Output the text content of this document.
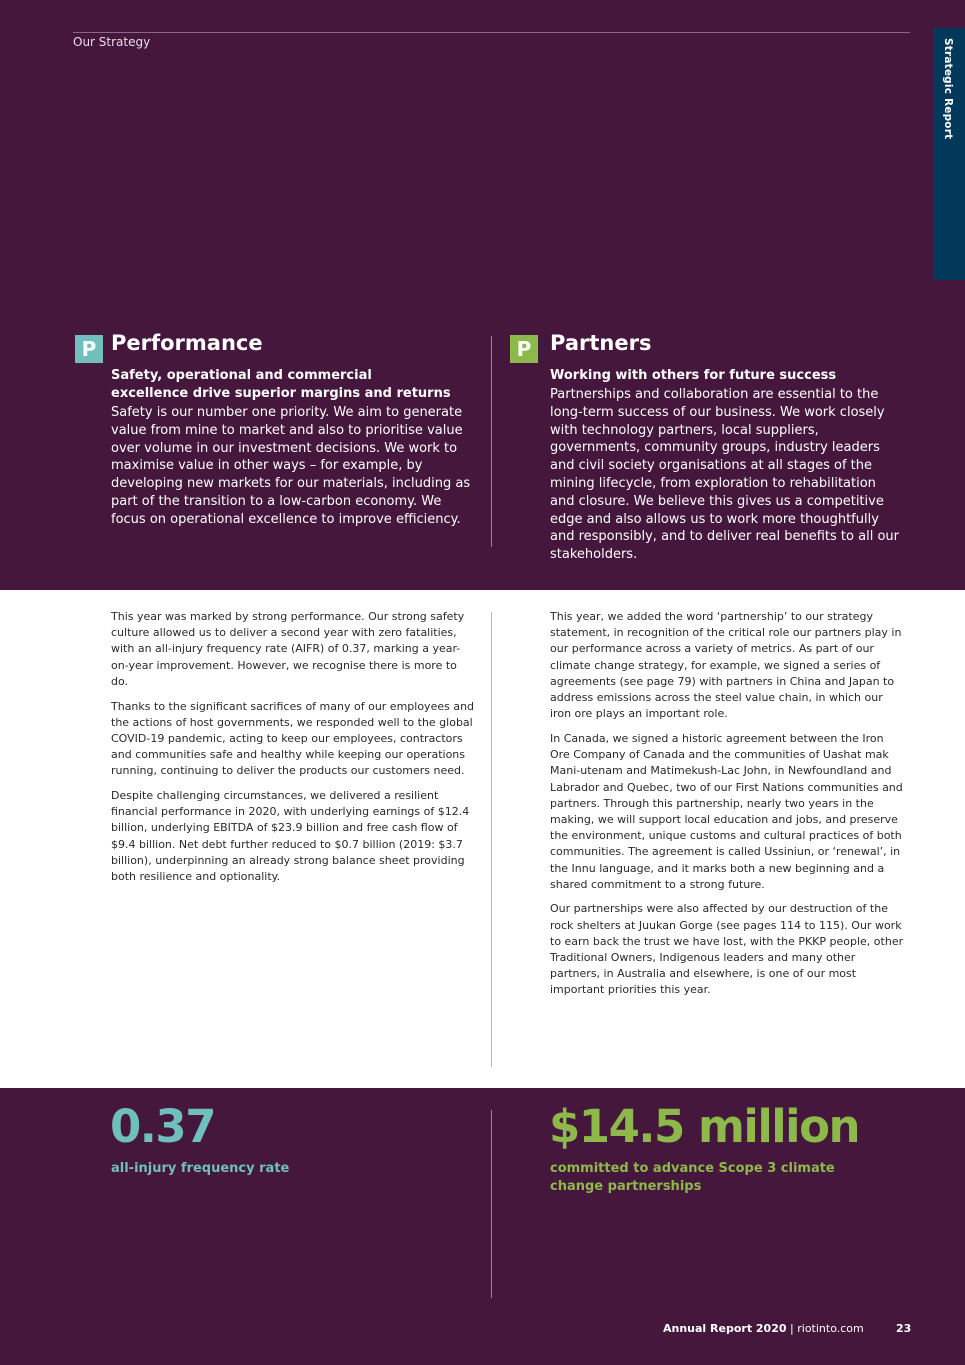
Strategic Report
Our Strategy
P Performance
Safety, operational and commercial excellence drive superior margins and returns
Safety is our number one priority. We aim to generate value from mine to market and also to prioritise value over volume in our investment decisions. We work to maximise value in other ways – for example, by developing new markets for our materials, including as part of the transition to a low-carbon economy. We focus on operational excellence to improve efficiency.
P Partners
Working with others for future success
Partnerships and collaboration are essential to the long-term success of our business. We work closely with technology partners, local suppliers, governments, community groups, industry leaders and civil society organisations at all stages of the mining lifecycle, from exploration to rehabilitation and closure. We believe this gives us a competitive edge and also allows us to work more thoughtfully and responsibly, and to deliver real benefits to all our stakeholders.

This year was marked by strong performance. Our strong safety culture allowed us to deliver a second year with zero fatalities, with an all-injury frequency rate (AIFR) of 0.37, marking a year-on-year improvement. However, we recognise there is more to do.

Thanks to the significant sacrifices of many of our employees and the actions of host governments, we responded well to the global COVID-19 pandemic, acting to keep our employees, contractors and communities safe and healthy while keeping our operations running, continuing to deliver the products our customers need.

Despite challenging circumstances, we delivered a resilient financial performance in 2020, with underlying earnings of $12.4 billion, underlying EBITDA of $23.9 billion and free cash flow of $9.4 billion. Net debt further reduced to $0.7 billion (2019: $3.7 billion), underpinning an already strong balance sheet providing both resilience and optionality.

This year, we added the word ‘partnership’ to our strategy statement, in recognition of the critical role our partners play in our performance across a variety of metrics. As part of our climate change strategy, for example, we signed a series of agreements (see page 79) with partners in China and Japan to address emissions across the steel value chain, in which our iron ore plays an important role.

In Canada, we signed a historic agreement between the Iron Ore Company of Canada and the communities of Uashat mak Mani-utenam and Matimekush-Lac John, in Newfoundland and Labrador and Quebec, two of our First Nations communities and partners. Through this partnership, nearly two years in the making, we will support local education and jobs, and preserve the environment, unique customs and cultural practices of both communities. The agreement is called Ussiniun, or ‘renewal’, in the Innu language, and it marks both a new beginning and a shared commitment to a strong future.

Our partnerships were also affected by our destruction of the rock shelters at Juukan Gorge (see pages 114 to 115). Our work to earn back the trust we have lost, with the PKKP people, other Traditional Owners, Indigenous leaders and many other partners, in Australia and elsewhere, is one of our most important priorities this year.

0.37
all-injury frequency rate
$14.5 million
committed to advance Scope 3 climate change partnerships
Annual Report 2020 | riotinto.com	23
